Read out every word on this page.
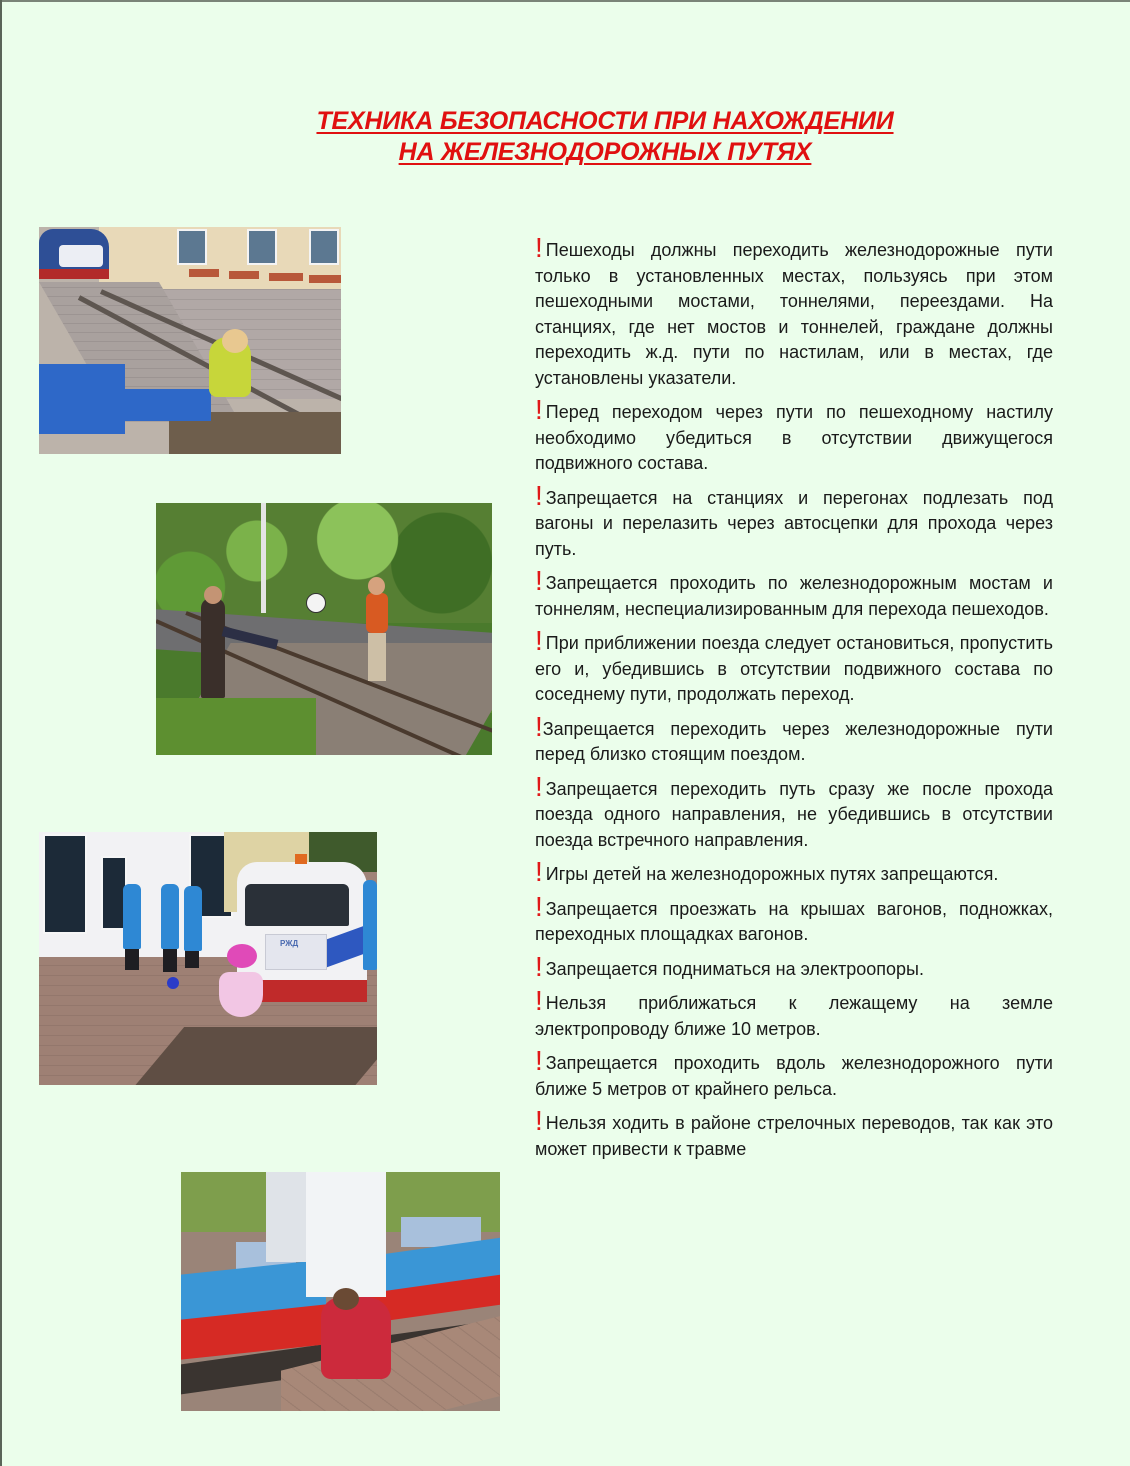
ТЕХНИКА БЕЗОПАСНОСТИ ПРИ НАХОЖДЕНИИ
НА ЖЕЛЕЗНОДОРОЖНЫХ ПУТЯХ
РЖД

! Пешеходы должны переходить железнодорожные пути только в установленных местах, пользуясь при этом пешеходными мостами, тоннелями, переездами. На станциях, где нет мостов и тоннелей, граждане должны переходить ж.д. пути по настилам, или в местах, где установлены указатели.

! Перед переходом через пути по пешеходному настилу необходимо убедиться в отсутствии движущегося подвижного состава.

! Запрещается на станциях и перегонах подлезать под вагоны и перелазить через автосцепки для прохода через путь.

! Запрещается проходить по железнодорожным мостам и тоннелям, неспециализированным для перехода пешеходов.

! При приближении поезда следует остановиться, пропустить его и, убедившись в отсутствии подвижного состава по соседнему пути, продолжать переход.

!Запрещается переходить через железнодорожные пути перед близко стоящим поездом.

! Запрещается переходить путь сразу же после прохода поезда одного направления, не убедившись в отсутствии поезда встречного направления.

! Игры детей на железнодорожных путях запрещаются.

! Запрещается проезжать на крышах вагонов, подножках, переходных площадках вагонов.

! Запрещается подниматься на электроопоры.

! Нельзя приближаться к лежащему на земле электропроводу ближе 10 метров.

! Запрещается проходить вдоль железнодорожного пути ближе 5 метров от крайнего рельса.

! Нельзя ходить в районе стрелочных переводов, так как это может привести к травме
